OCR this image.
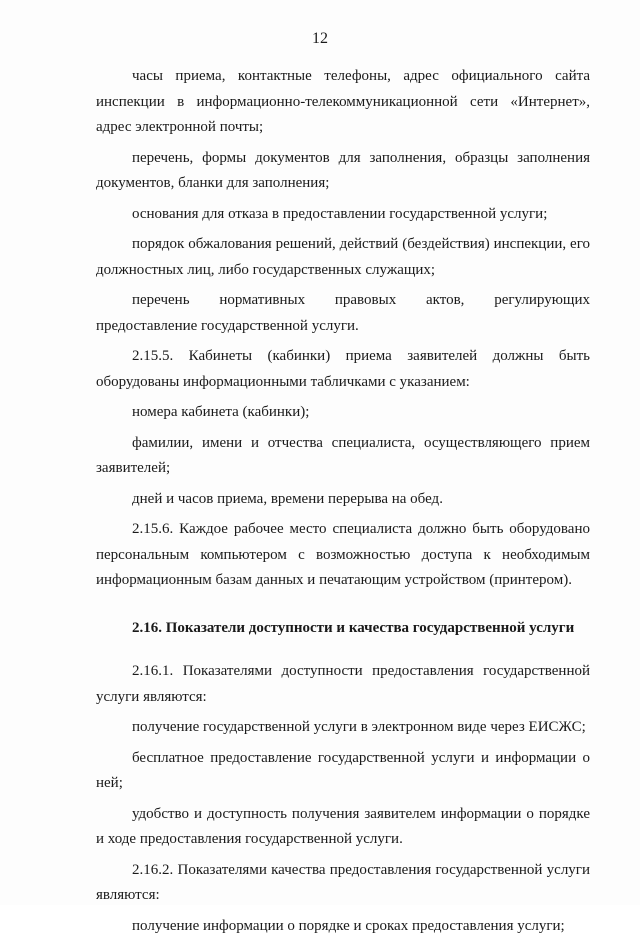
12

часы приема, контактные телефоны, адрес официального сайта инспекции в информационно-телекоммуникационной сети «Интернет», адрес электронной почты;

перечень, формы документов для заполнения, образцы заполнения документов, бланки для заполнения;

основания для отказа в предоставлении государственной услуги;

порядок обжалования решений, действий (бездействия) инспекции, его должностных лиц, либо государственных служащих;

перечень нормативных правовых актов, регулирующих предоставление государственной услуги.

2.15.5. Кабинеты (кабинки) приема заявителей должны быть оборудованы информационными табличками с указанием:

номера кабинета (кабинки);

фамилии, имени и отчества специалиста, осуществляющего прием заявителей;

дней и часов приема, времени перерыва на обед.

2.15.6. Каждое рабочее место специалиста должно быть оборудовано персональным компьютером с возможностью доступа к необходимым информационным базам данных и печатающим устройством (принтером).

2.16. Показатели доступности и качества государственной услуги

2.16.1. Показателями доступности предоставления государственной услуги являются:

получение государственной услуги в электронном виде через ЕИСЖС;

бесплатное предоставление государственной услуги и информации о ней;

удобство и доступность получения заявителем информации о порядке и ходе предоставления государственной услуги.

2.16.2. Показателями качества предоставления государственной услуги являются:

получение информации о порядке и сроках предоставления услуги;
